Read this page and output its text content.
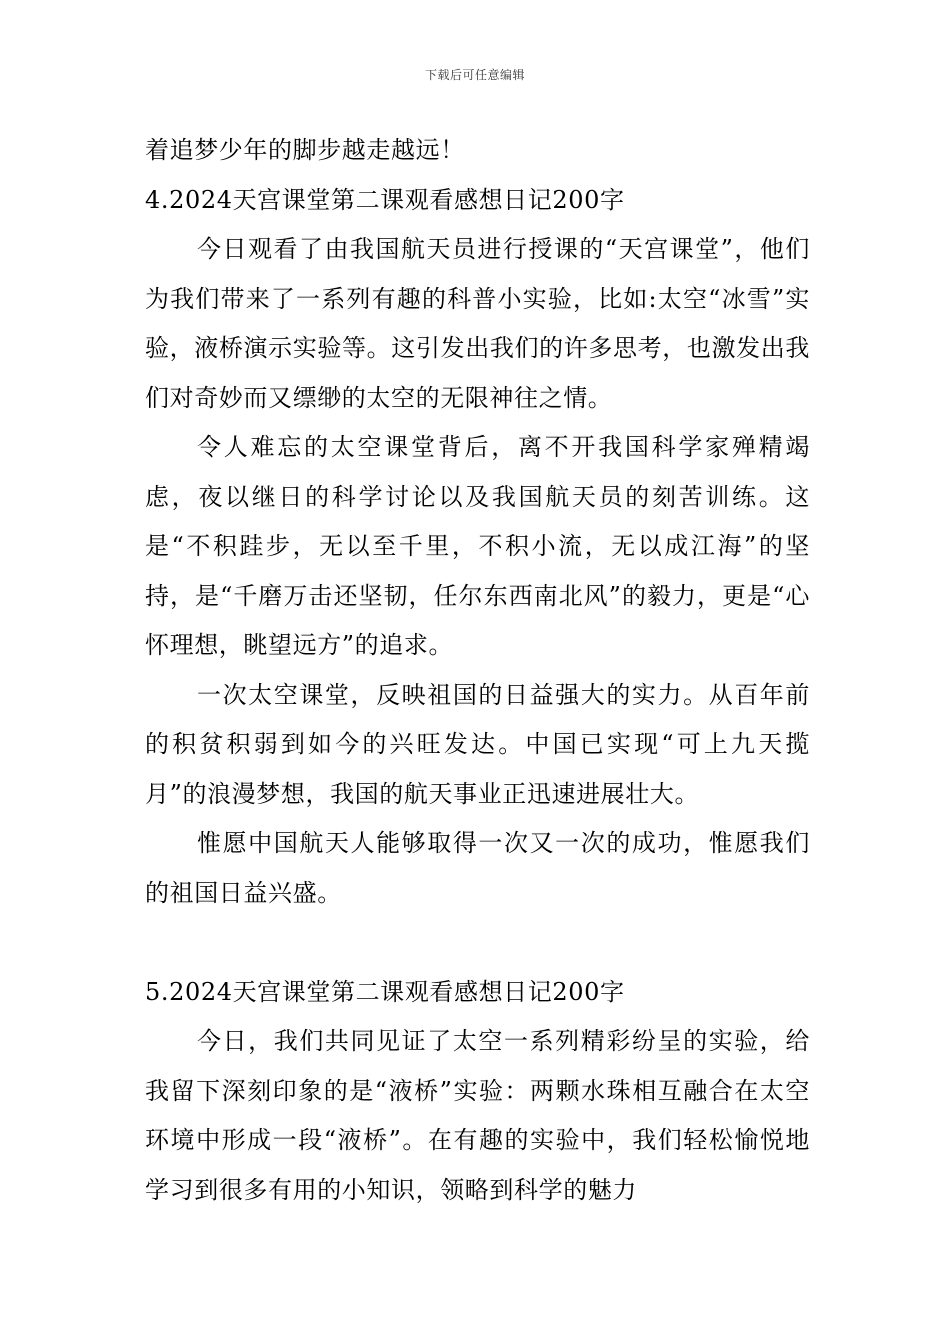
下载后可任意编辑

着追梦少年的脚步越走越远！

4.2024天宫课堂第二课观看感想日记200字

今日观看了由我国航天员进行授课的“天宫课堂”，他们为我们带来了一系列有趣的科普小实验，比如:太空“冰雪”实验，液桥演示实验等。这引发出我们的许多思考，也激发出我们对奇妙而又缥缈的太空的无限神往之情。

令人难忘的太空课堂背后，离不开我国科学家殚精竭虑，夜以继日的科学讨论以及我国航天员的刻苦训练。这是“不积跬步，无以至千里，不积小流，无以成江海”的坚持，是“千磨万击还坚韧，任尔东西南北风”的毅力，更是“心怀理想，眺望远方”的追求。

一次太空课堂，反映祖国的日益强大的实力。从百年前的积贫积弱到如今的兴旺发达。中国已实现“可上九天揽月”的浪漫梦想，我国的航天事业正迅速进展壮大。

惟愿中国航天人能够取得一次又一次的成功，惟愿我们的祖国日益兴盛。

5.2024天宫课堂第二课观看感想日记200字

今日，我们共同见证了太空一系列精彩纷呈的实验，给我留下深刻印象的是“液桥”实验：两颗水珠相互融合在太空环境中形成一段“液桥”。在有趣的实验中，我们轻松愉悦地学习到很多有用的小知识，领略到科学的魅力
